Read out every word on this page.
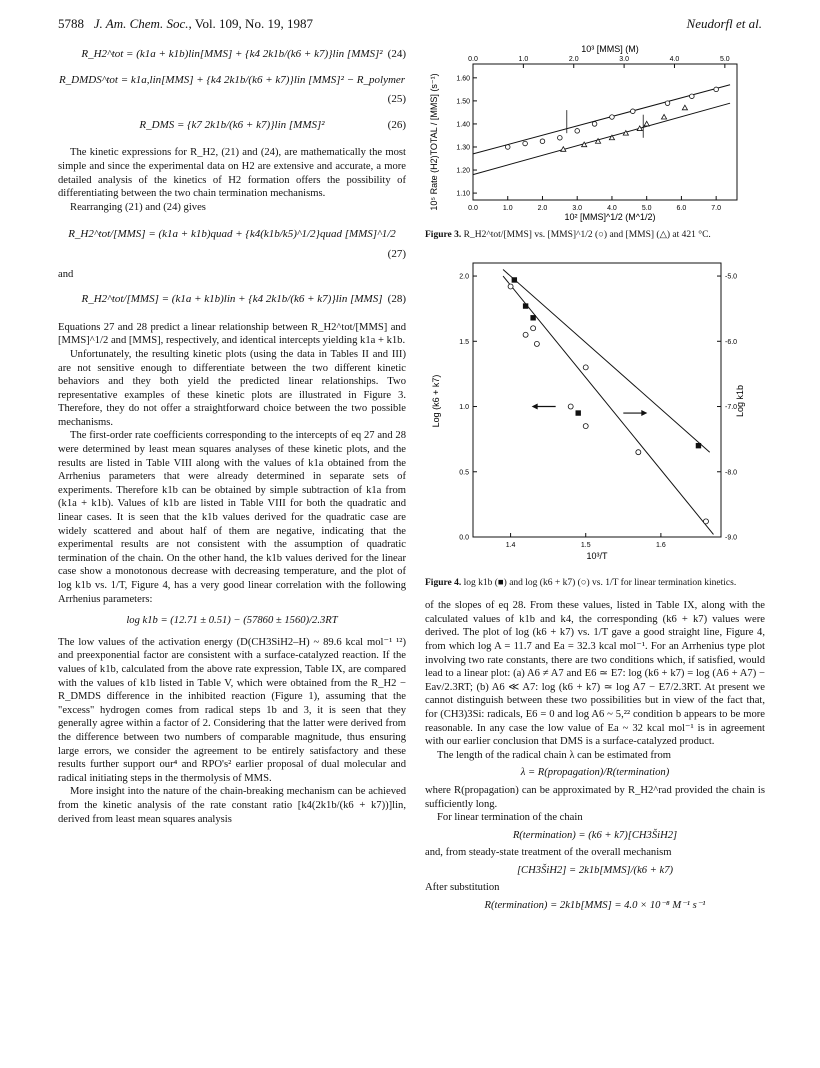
5788 J. Am. Chem. Soc., Vol. 109, No. 19, 1987	Neudorfl et al.
R_H2^tot = (k1a + k1b)lin[MMS] + {k4 2k1b/(k6 + k7)}lin [MMS]² (24)
R_DMDS^tot = k1a,lin[MMS] + {k4 2k1b/(k6 + k7)}lin [MMS]² − R_polymer
(25)
R_DMS = {k7 2k1b/(k6 + k7)}lin [MMS]²	(26)

The kinetic expressions for R_H2, (21) and (24), are mathematically the most simple and since the experimental data on H2 are extensive and accurate, a more detailed analysis of the kinetics of H2 formation offers the possibility of differentiating between the two chain termination mechanisms.

Rearranging (21) and (24) gives

R_H2^tot/[MMS] = (k1a + k1b)quad + {k4(k1b/k5)^1/2}quad [MMS]^1/2
(27)

and

R_H2^tot/[MMS] = (k1a + k1b)lin + {k4 2k1b/(k6 + k7)}lin [MMS] (28)

Equations 27 and 28 predict a linear relationship between R_H2^tot/[MMS] and [MMS]^1/2 and [MMS], respectively, and identical intercepts yielding k1a + k1b.

Unfortunately, the resulting kinetic plots (using the data in Tables II and III) are not sensitive enough to differentiate between the two different kinetic behaviors and they both yield the predicted linear relationships. Two representative examples of these kinetic plots are illustrated in Figure 3. Therefore, they do not offer a straightforward choice between the two possible mechanisms.

The first-order rate coefficients corresponding to the intercepts of eq 27 and 28 were determined by least mean squares analyses of these kinetic plots, and the results are listed in Table VIII along with the values of k1a obtained from the Arrhenius parameters that were already determined in separate sets of experiments. Therefore k1b can be obtained by simple subtraction of k1a from (k1a + k1b). Values of k1b are listed in Table VIII for both the quadratic and linear cases. It is seen that the k1b values derived for the quadratic case are widely scattered and about half of them are negative, indicating that the experimental results are not consistent with the assumption of quadratic termination of the chain. On the other hand, the k1b values derived for the linear case show a monotonous decrease with decreasing temperature, and the plot of log k1b vs. 1/T, Figure 4, has a very good linear correlation with the following Arrhenius parameters:

log k1b = (12.71 ± 0.51) − (57860 ± 1560)/2.3RT

The low values of the activation energy (D(CH3SiH2–H) ~ 89.6 kcal mol⁻¹ ¹²) and preexponential factor are consistent with a surface-catalyzed reaction. If the values of k1b, calculated from the above rate expression, Table IX, are compared with the values of k1b listed in Table V, which were obtained from the R_H2 − R_DMDS difference in the inhibited reaction (Figure 1), assuming that the "excess" hydrogen comes from radical steps 1b and 3, it is seen that they generally agree within a factor of 2. Considering that the latter were derived from the difference between two numbers of comparable magnitude, thus ensuring large errors, we consider the agreement to be entirely satisfactory and these results further support our⁴ and RPO's² earlier proposal of dual molecular and radical initiating steps in the thermolysis of MMS.

More insight into the nature of the chain-breaking mechanism can be achieved from the kinetic analysis of the rate constant ratio [k4(2k1b/(k6 + k7))]lin, derived from least mean squares analysis

10³ [MMS] (M)
10² [MMS]^1/2 (M^1/2)
10⁵ Rate (H2)TOTAL / [MMS] (s⁻¹)	0.0	1.0	2.0	3.0	4.0	5.0	6.0	7.0
0.0	1.0	2.0	3.0	4.0	5.0
1.10
1.20
1.30
1.40
1.50
1.60
Figure 3. R_H2^tot/[MMS] vs. [MMS]^1/2 (○) and [MMS] (△) at 421 °C.
Log (k6 + k7)	Log k1b
10³/T
1.4	1.5	1.6
0.0
0.5
1.0
1.5
2.0
-9.0
-8.0
-7.0
-6.0
-5.0
Figure 4. log k1b (■) and log (k6 + k7) (○) vs. 1/T for linear termination kinetics.

of the slopes of eq 28. From these values, listed in Table IX, along with the calculated values of k1b and k4, the corresponding (k6 + k7) values were derived. The plot of log (k6 + k7) vs. 1/T gave a good straight line, Figure 4, from which log A = 11.7 and Ea = 32.3 kcal mol⁻¹. For an Arrhenius type plot involving two rate constants, there are two conditions which, if satisfied, would lead to a linear plot: (a) A6 ≠ A7 and E6 ≃ E7: log (k6 + k7) = log (A6 + A7) − Eav/2.3RT; (b) A6 ≪ A7: log (k6 + k7) ≃ log A7 − E7/2.3RT. At present we cannot distinguish between these two possibilities but in view of the fact that, for (CH3)3Si: radicals, E6 = 0 and log A6 ~ 5,²² condition b appears to be more reasonable. In any case the low value of Ea ~ 32 kcal mol⁻¹ is in agreement with our earlier conclusion that DMS is a surface-catalyzed product.

The length of the radical chain λ can be estimated from

λ = R(propagation)/R(termination)

where R(propagation) can be approximated by R_H2^rad provided the chain is sufficiently long.

For linear termination of the chain

R(termination) = (k6 + k7)[CH3ŠiH2]

and, from steady-state treatment of the overall mechanism

[CH3ŠiH2] = 2k1b[MMS]/(k6 + k7)

After substitution

R(termination) = 2k1b[MMS] = 4.0 × 10⁻⁸ M⁻¹ s⁻¹
